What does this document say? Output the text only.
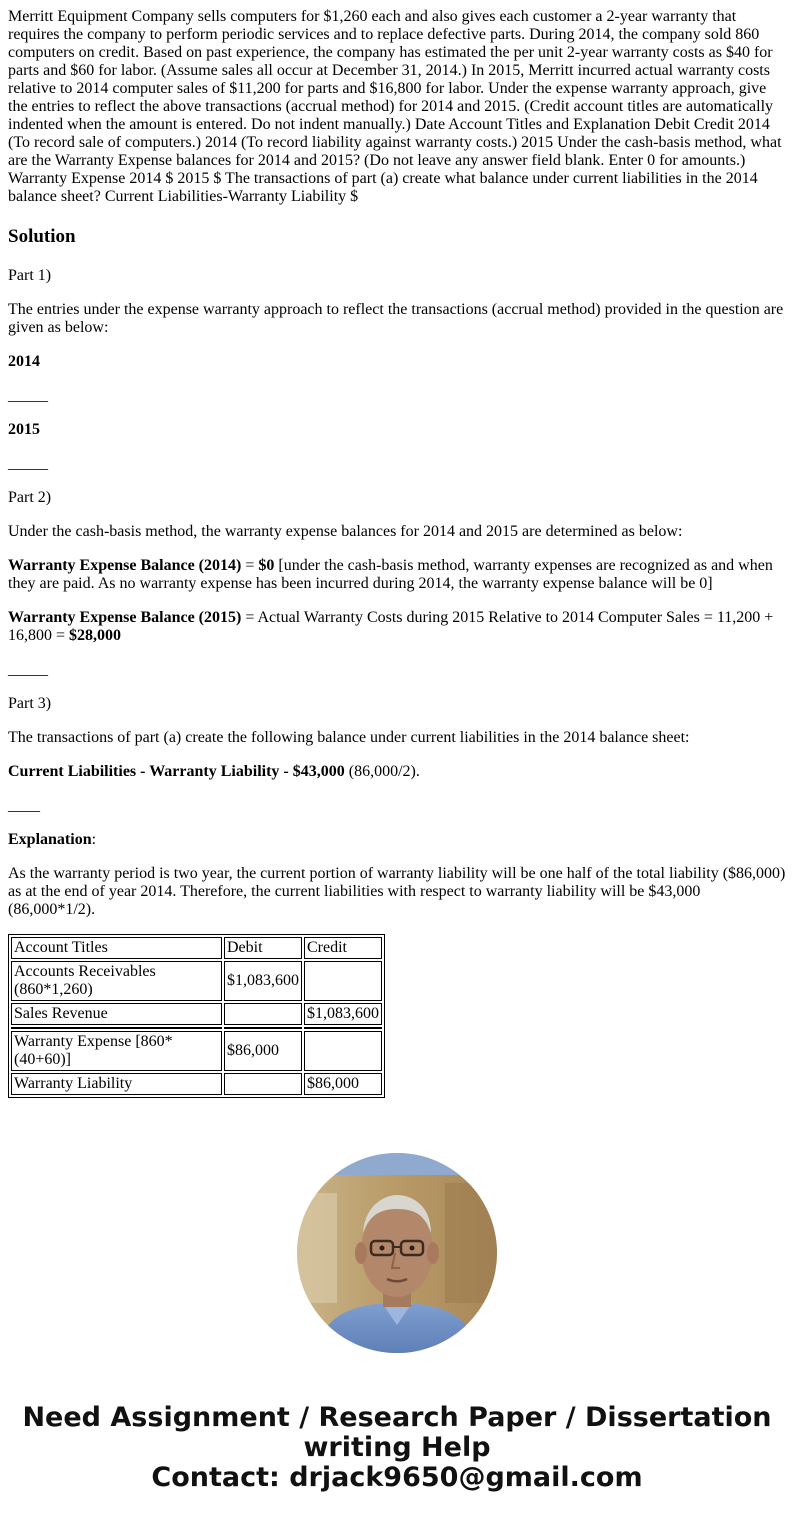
Merritt Equipment Company sells computers for $1,260 each and also gives each customer a 2-year warranty that requires the company to perform periodic services and to replace defective parts. During 2014, the company sold 860 computers on credit. Based on past experience, the company has estimated the per unit 2-year warranty costs as $40 for parts and $60 for labor. (Assume sales all occur at December 31, 2014.) In 2015, Merritt incurred actual warranty costs relative to 2014 computer sales of $11,200 for parts and $16,800 for labor. Under the expense warranty approach, give the entries to reflect the above transactions (accrual method) for 2014 and 2015. (Credit account titles are automatically indented when the amount is entered. Do not indent manually.) Date Account Titles and Explanation Debit Credit 2014 (To record sale of computers.) 2014 (To record liability against warranty costs.) 2015 Under the cash-basis method, what are the Warranty Expense balances for 2014 and 2015? (Do not leave any answer field blank. Enter 0 for amounts.) Warranty Expense 2014 $ 2015 $ The transactions of part (a) create what balance under current liabilities in the 2014 balance sheet? Current Liabilities-Warranty Liability $

Solution

Part 1)

The entries under the expense warranty approach to reflect the transactions (accrual method) provided in the question are given as below:

2014

_____

2015

_____

Part 2)

Under the cash-basis method, the warranty expense balances for 2014 and 2015 are determined as below:

Warranty Expense Balance (2014) = $0 [under the cash-basis method, warranty expenses are recognized as and when they are paid. As no warranty expense has been incurred during 2014, the warranty expense balance will be 0]

Warranty Expense Balance (2015) = Actual Warranty Costs during 2015 Relative to 2014 Computer Sales = 11,200 + 16,800 = $28,000

_____

Part 3)

The transactions of part (a) create the following balance under current liabilities in the 2014 balance sheet:

Current Liabilities - Warranty Liability - $43,000 (86,000/2).

____

Explanation:

As the warranty period is two year, the current portion of warranty liability will be one half of the total liability ($86,000) as at the end of year 2014. Therefore, the current liabilities with respect to warranty liability will be $43,000 (86,000*1/2).

Account Titles	Debit	Credit
Accounts Receivables (860*1,260)	$1,083,600	
Sales Revenue		$1,083,600

Warranty Expense [860*(40+60)]	$86,000	
Warranty Liability		$86,000
Need Assignment / Research Paper / Dissertation
writing Help
Contact: drjack9650@gmail.com
